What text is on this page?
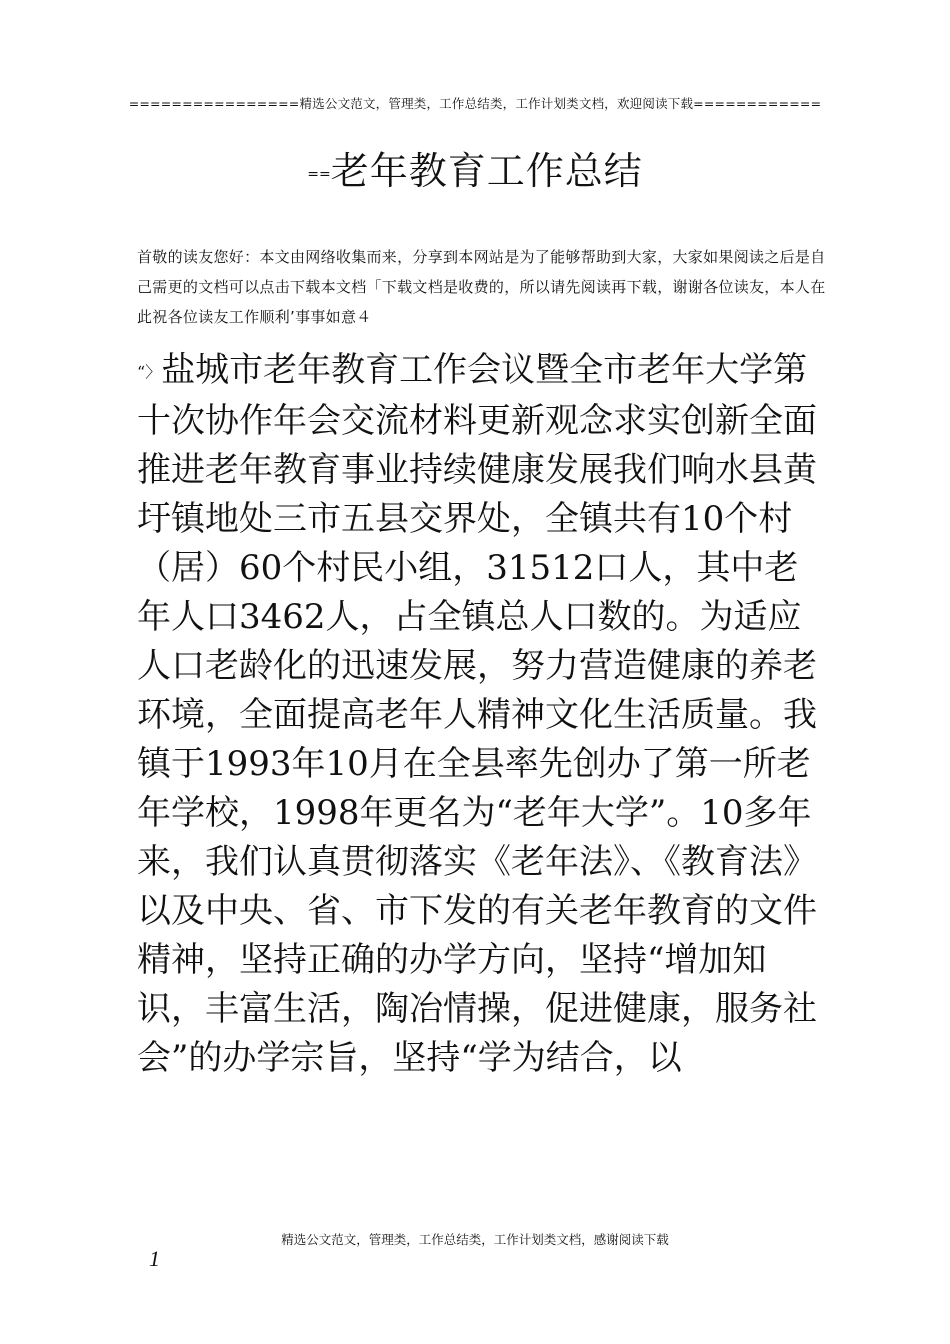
================精选公文范文，管理类，工作总结类，工作计划类文档，欢迎阅读下载============
==老年教育工作总结
首敬的读友您好：本文由网络收集而来，分享到本网站是为了能够帮助到大家，大家如果阅读之后是自己需更的文档可以点击下载本文档「下载文档是收费的，所以请先阅读再下载，谢谢各位读友，本人在此祝各位读友工作顺利’事事如意４
“〉盐城市老年教育工作会议暨全市老年大学第十次协作年会交流材料更新观念求实创新全面推进老年教育事业持续健康发展我们响水县黄圩镇地处三市五县交界处，全镇共有10个村（居）60个村民小组，31512口人，其中老年人口3462人，占全镇总人口数的。为适应人口老龄化的迅速发展，努力营造健康的养老环境，全面提高老年人精神文化生活质量。我镇于1993年10月在全县率先创办了第一所老年学校，1998年更名为“老年大学”。10多年来，我们认真贯彻落实《老年法》、《教育法》以及中央、省、市下发的有关老年教育的文件精神，坚持正确的办学方向，坚持“增加知识，丰富生活，陶冶情操，促进健康，服务社会”的办学宗旨，坚持“学为结合，以
精选公文范文，管理类，工作总结类，工作计划类文档，感谢阅读下载
1
